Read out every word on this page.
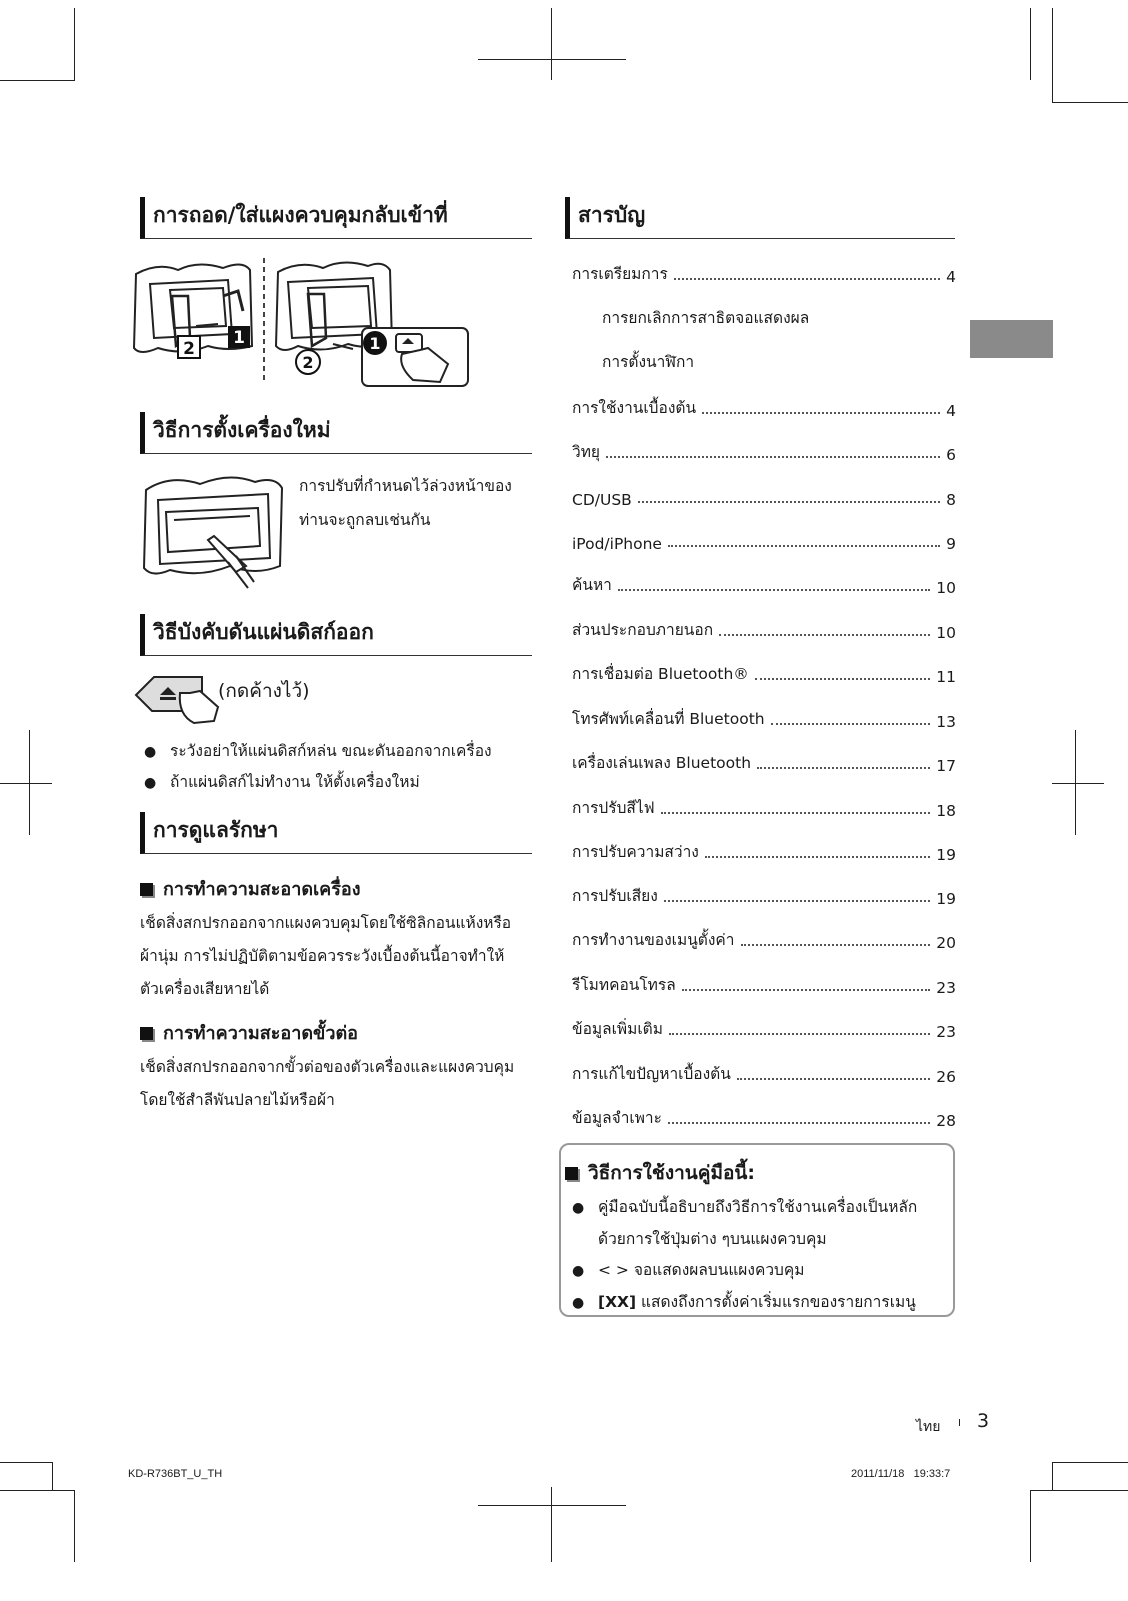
การถอด/ใส่แผงควบคุมกลับเข้าที่
1
2	1
2
วิธีการตั้งเครื่องใหม่
การปรับที่กำหนดไว้ล่วงหน้าของ
ท่านจะถูกลบเช่นกัน
วิธีบังคับดันแผ่นดิสก์ออก
(กดค้างไว้)
● ระวังอย่าให้แผ่นดิสก์หล่น ขณะดันออกจากเครื่อง
● ถ้าแผ่นดิสก์ไม่ทำงาน ให้ตั้งเครื่องใหม่
การดูแลรักษา
การทำความสะอาดเครื่อง
เช็ดสิ่งสกปรกออกจากแผงควบคุมโดยใช้ซิลิกอนแห้งหรือ
ผ้านุ่ม การไม่ปฏิบัติตามข้อควรระวังเบื้องต้นนี้อาจทำให้
ตัวเครื่องเสียหายได้
การทำความสะอาดขั้วต่อ
เช็ดสิ่งสกปรกออกจากขั้วต่อของตัวเครื่องและแผงควบคุม
โดยใช้สำลีพันปลายไม้หรือผ้า
สารบัญ
การเตรียมการ	4
การยกเลิกการสาธิตจอแสดงผล
การตั้งนาฬิกา
การใช้งานเบื้องต้น	4
วิทยุ	6
CD/USB	8
iPod/iPhone	9
ค้นหา	10
ส่วนประกอบภายนอก	10
การเชื่อมต่อ Bluetooth®	11
โทรศัพท์เคลื่อนที่ Bluetooth	13
เครื่องเล่นเพลง Bluetooth	17
การปรับสีไฟ	18
การปรับความสว่าง	19
การปรับเสียง	19
การทำงานของเมนูตั้งค่า	20
รีโมทคอนโทรล	23
ข้อมูลเพิ่มเติม	23
การแก้ไขปัญหาเบื้องต้น	26
ข้อมูลจำเพาะ	28
วิธีการใช้งานคู่มือนี้:
● คู่มือฉบับนี้อธิบายถึงวิธีการใช้งานเครื่องเป็นหลัก
ด้วยการใช้ปุ่มต่าง ๆบนแผงควบคุม
● < > จอแสดงผลบนแผงควบคุม
● [XX] แสดงถึงการตั้งค่าเริ่มแรกของรายการเมนู
ไทย I 3
KD-R736BT_U_TH	2011/11/18   19:33:7
